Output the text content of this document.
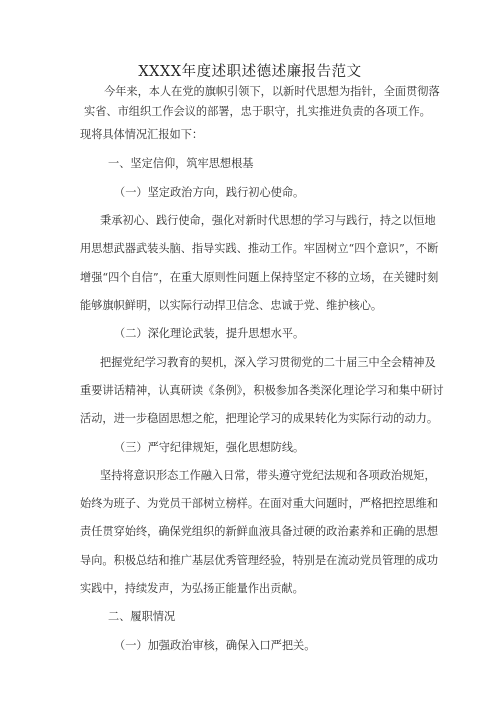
XXXX年度述职述德述廉报告范文
今年来，本人在党的旗帜引领下，以新时代思想为指针，全面贯彻落
实省、市组织工作会议的部署，忠于职守，扎实推进负责的各项工作。
现将具体情况汇报如下：
一、坚定信仰，筑牢思想根基
（一）坚定政治方向，践行初心使命。
秉承初心、践行使命，强化对新时代思想的学习与践行，持之以恒地
用思想武器武装头脑、指导实践、推动工作。牢固树立“四个意识”，不断
增强“四个自信”，在重大原则性问题上保持坚定不移的立场，在关键时刻
能够旗帜鲜明，以实际行动捍卫信念、忠诚于党、维护核心。
（二）深化理论武装，提升思想水平。
把握党纪学习教育的契机，深入学习贯彻党的二十届三中全会精神及
重要讲话精神，认真研读《条例》，积极参加各类深化理论学习和集中研讨
活动，进一步稳固思想之舵，把理论学习的成果转化为实际行动的动力。
（三）严守纪律规矩，强化思想防线。
坚持将意识形态工作融入日常，带头遵守党纪法规和各项政治规矩，
始终为班子、为党员干部树立榜样。在面对重大问题时，严格把控思维和
责任贯穿始终，确保党组织的新鲜血液具备过硬的政治素养和正确的思想
导向。积极总结和推广基层优秀管理经验，特别是在流动党员管理的成功
实践中，持续发声，为弘扬正能量作出贡献。
二、履职情况
（一）加强政治审核，确保入口严把关。
